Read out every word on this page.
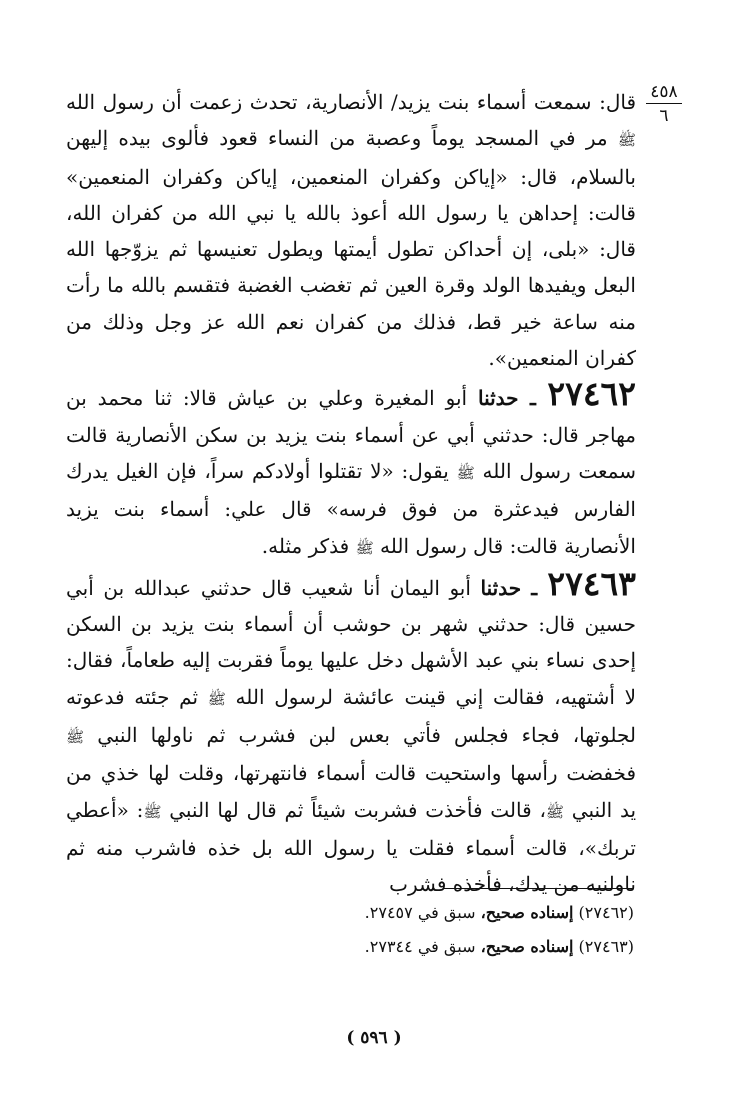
٤٥٨
٦

قال: سمعت أسماء بنت يزيد/ الأنصارية، تحدث زعمت أن رسول الله ﷺ مر في المسجد يوماً وعصبة من النساء قعود فألوى بيده إليهن بالسلام، قال: «إياكن وكفران المنعمين، إياكن وكفران المنعمين» قالت: إحداهن يا رسول الله أعوذ بالله يا نبي الله من كفران الله، قال: «بلى، إن أحداكن تطول أيمتها ويطول تعنيسها ثم يزوّجها الله البعل ويفيدها الولد وقرة العين ثم تغضب الغضبة فتقسم بالله ما رأت منه ساعة خير قط، فذلك من كفران نعم الله عز وجل وذلك من كفران المنعمين».

٢٧٤٦٢ ـ حدثنا أبو المغيرة وعلي بن عياش قالا: ثنا محمد بن مهاجر قال: حدثني أبي عن أسماء بنت يزيد بن سكن الأنصارية قالت سمعت رسول الله ﷺ يقول: «لا تقتلوا أولادكم سراً، فإن الغيل يدرك الفارس فيدعثرة من فوق فرسه» قال علي: أسماء بنت يزيد الأنصارية قالت: قال رسول الله ﷺ فذكر مثله.

٢٧٤٦٣ ـ حدثنا أبو اليمان أنا شعيب قال حدثني عبدالله بن أبي حسين قال: حدثني شهر بن حوشب أن أسماء بنت يزيد بن السكن إحدى نساء بني عبد الأشهل دخل عليها يوماً فقربت إليه طعاماً، فقال: لا أشتهيه، فقالت إني قينت عائشة لرسول الله ﷺ ثم جئته فدعوته لجلوتها، فجاء فجلس فأتي بعس لبن فشرب ثم ناولها النبي ﷺ فخفضت رأسها واستحيت قالت أسماء فانتهرتها، وقلت لها خذي من يد النبي ﷺ، قالت فأخذت فشربت شيئاً ثم قال لها النبي ﷺ: «أعطي تربك»، قالت أسماء فقلت يا رسول الله بل خذه فاشرب منه ثم ناولنيه من يدك، فأخذه فشرب

(٢٧٤٦٢) إسناده صحيح، سبق في ٢٧٤٥٧.
(٢٧٤٦٣) إسناده صحيح، سبق في ٢٧٣٤٤.
( ٥٩٦ )
